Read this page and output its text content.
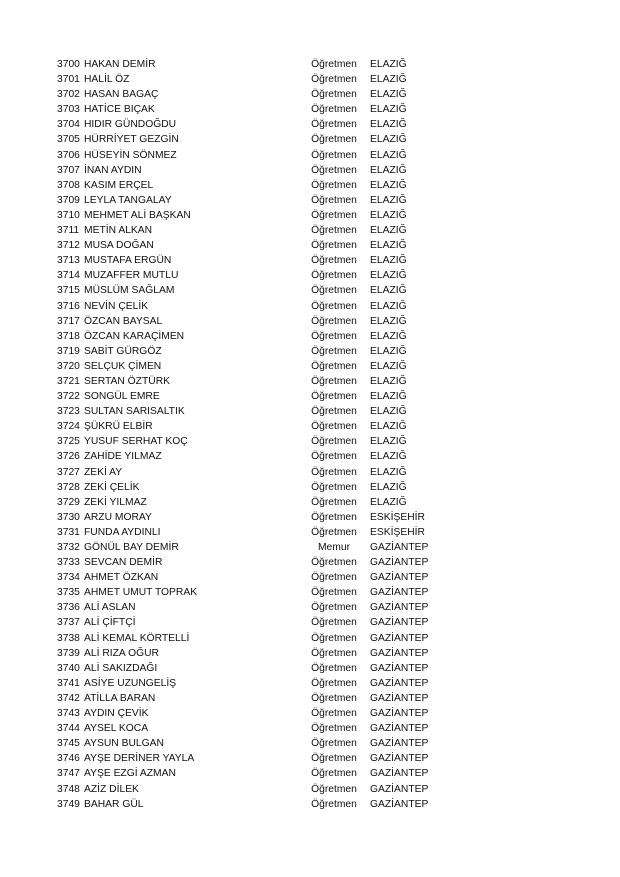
3700 HAKAN DEMİR	Öğretmen	ELAZIĞ
3701 HALİL ÖZ	Öğretmen	ELAZIĞ
3702 HASAN BAGAÇ	Öğretmen	ELAZIĞ
3703 HATİCE BIÇAK	Öğretmen	ELAZIĞ
3704 HIDIR GÜNDOĞDU	Öğretmen	ELAZIĞ
3705 HÜRRİYET GEZGİN	Öğretmen	ELAZIĞ
3706 HÜSEYİN SÖNMEZ	Öğretmen	ELAZIĞ
3707 İNAN AYDIN	Öğretmen	ELAZIĞ
3708 KASIM ERÇEL	Öğretmen	ELAZIĞ
3709 LEYLA TANGALAY	Öğretmen	ELAZIĞ
3710 MEHMET ALİ BAŞKAN	Öğretmen	ELAZIĞ
3711 METİN ALKAN	Öğretmen	ELAZIĞ
3712 MUSA DOĞAN	Öğretmen	ELAZIĞ
3713 MUSTAFA ERGÜN	Öğretmen	ELAZIĞ
3714 MUZAFFER MUTLU	Öğretmen	ELAZIĞ
3715 MÜSLÜM SAĞLAM	Öğretmen	ELAZIĞ
3716 NEVİN ÇELİK	Öğretmen	ELAZIĞ
3717 ÖZCAN BAYSAL	Öğretmen	ELAZIĞ
3718 ÖZCAN KARAÇİMEN	Öğretmen	ELAZIĞ
3719 SABİT GÜRGÖZ	Öğretmen	ELAZIĞ
3720 SELÇUK ÇİMEN	Öğretmen	ELAZIĞ
3721 SERTAN ÖZTÜRK	Öğretmen	ELAZIĞ
3722 SONGÜL EMRE	Öğretmen	ELAZIĞ
3723 SULTAN SARISALTIK	Öğretmen	ELAZIĞ
3724 ŞÜKRÜ ELBİR	Öğretmen	ELAZIĞ
3725 YUSUF SERHAT KOÇ	Öğretmen	ELAZIĞ
3726 ZAHİDE YILMAZ	Öğretmen	ELAZIĞ
3727 ZEKİ AY	Öğretmen	ELAZIĞ
3728 ZEKİ ÇELİK	Öğretmen	ELAZIĞ
3729 ZEKİ YILMAZ	Öğretmen	ELAZIĞ
3730 ARZU MORAY	Öğretmen	ESKİŞEHİR
3731 FUNDA AYDINLI	Öğretmen	ESKİŞEHİR
3732 GÖNÜL BAY DEMİR	Memur	GAZİANTEP
3733 SEVCAN DEMİR	Öğretmen	GAZİANTEP
3734 AHMET ÖZKAN	Öğretmen	GAZİANTEP
3735 AHMET UMUT TOPRAK	Öğretmen	GAZİANTEP
3736 ALİ ASLAN	Öğretmen	GAZİANTEP
3737 ALİ ÇİFTÇİ	Öğretmen	GAZİANTEP
3738 ALİ KEMAL KÖRTELLİ	Öğretmen	GAZİANTEP
3739 ALİ RIZA OĞUR	Öğretmen	GAZİANTEP
3740 ALİ SAKIZDAĞI	Öğretmen	GAZİANTEP
3741 ASİYE UZUNGELİŞ	Öğretmen	GAZİANTEP
3742 ATİLLA BARAN	Öğretmen	GAZİANTEP
3743 AYDIN ÇEVİK	Öğretmen	GAZİANTEP
3744 AYSEL KOCA	Öğretmen	GAZİANTEP
3745 AYSUN BULGAN	Öğretmen	GAZİANTEP
3746 AYŞE DERİNER YAYLA	Öğretmen	GAZİANTEP
3747 AYŞE EZGİ AZMAN	Öğretmen	GAZİANTEP
3748 AZİZ DİLEK	Öğretmen	GAZİANTEP
3749 BAHAR GÜL	Öğretmen	GAZİANTEP
